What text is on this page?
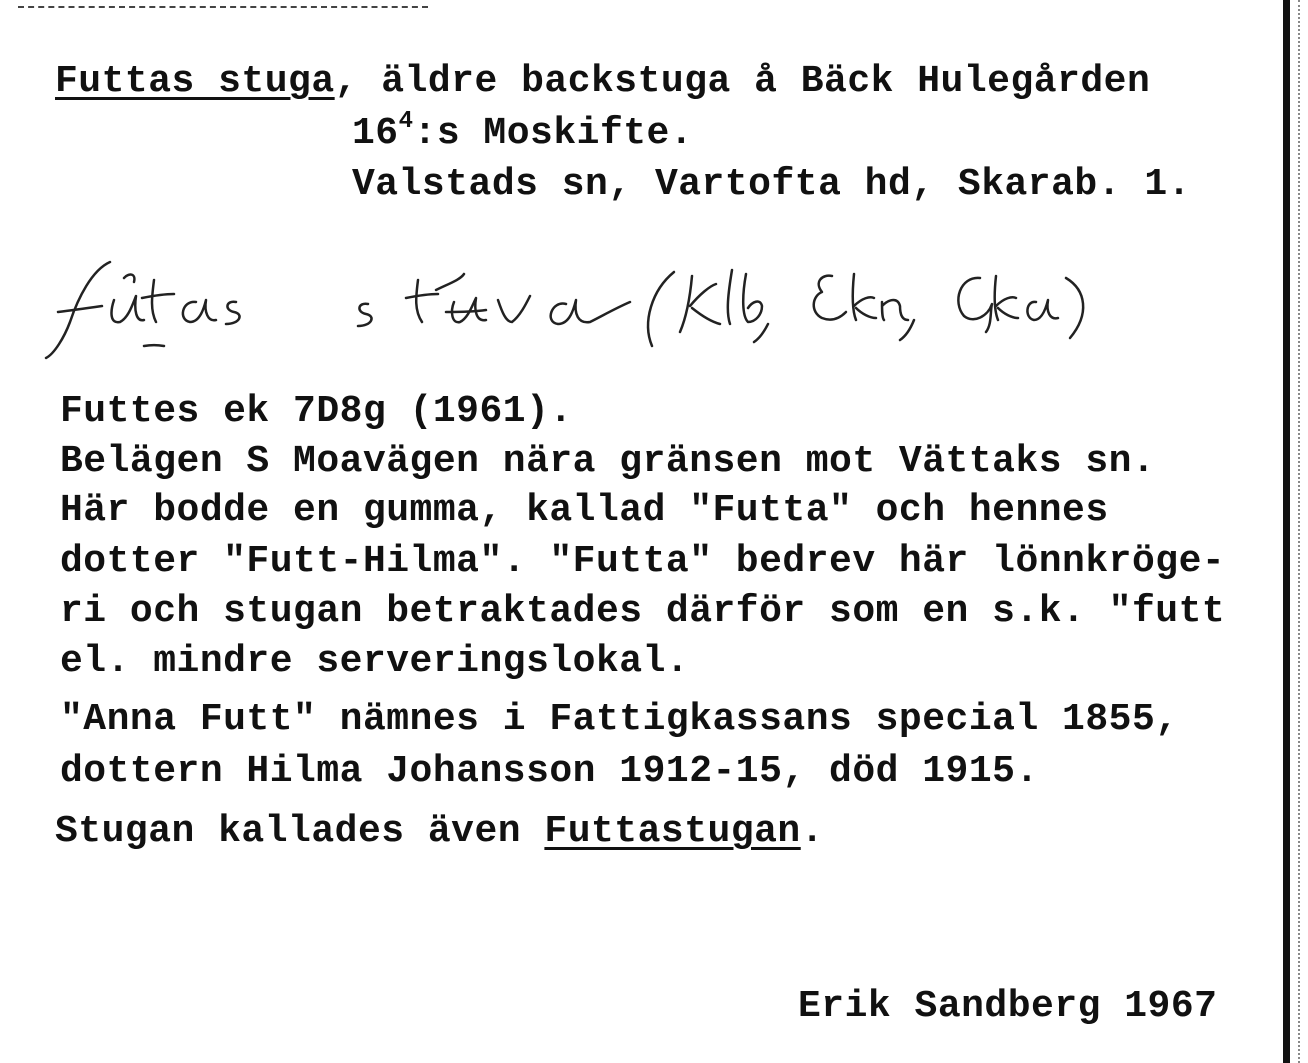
Futtas stuga, äldre backstuga å Bäck Hulegården
$16^4:s$ Moskifte.
Valstads sn, Vartofta hd, Skarab. 1.
Futtes ek 7D8g (1961).
Belägen S Moavägen nära gränsen mot Vättaks sn.
Här bodde en gumma, kallad "Futta" och hennes
dotter "Futt-Hilma". "Futta" bedrev här lönnkröge-
ri och stugan betraktades därför som en s.k. "futt
el. mindre serveringslokal.
"Anna Futt" nämnes i Fattigkassans special 1855,
dottern Hilma Johansson 1912-15, död 1915.
Stugan kallades även Futtastugan.
Erik Sandberg 1967
